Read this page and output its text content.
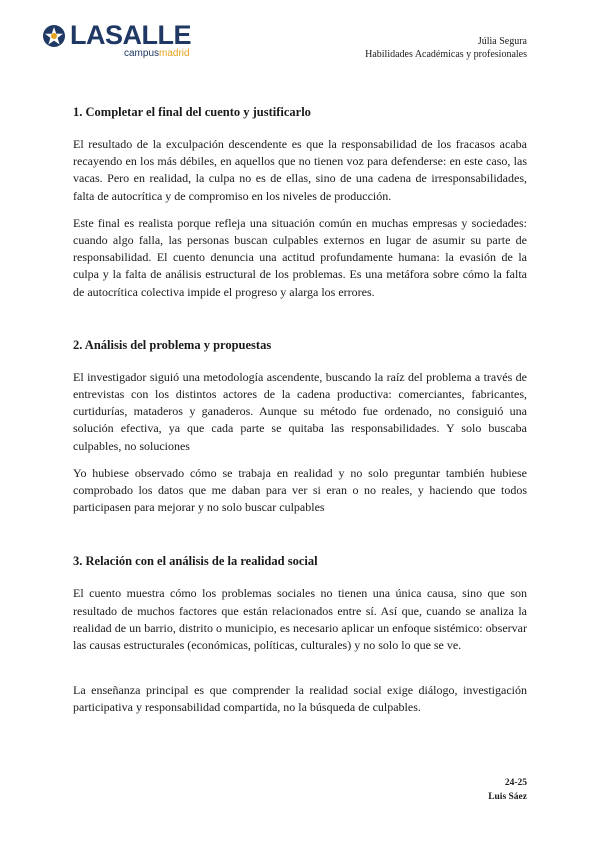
LASALLE
campusmadrid
Júlia Segura
Habilidades Académicas y profesionales
1. Completar el final del cuento y justificarlo

El resultado de la exculpación descendente es que la responsabilidad de los fracasos acaba recayendo en los más débiles, en aquellos que no tienen voz para defenderse: en este caso, las vacas. Pero en realidad, la culpa no es de ellas, sino de una cadena de irresponsabilidades, falta de autocrítica y de compromiso en los niveles de producción.

Este final es realista porque refleja una situación común en muchas empresas y sociedades: cuando algo falla, las personas buscan culpables externos en lugar de asumir su parte de responsabilidad. El cuento denuncia una actitud profundamente humana: la evasión de la culpa y la falta de análisis estructural de los problemas. Es una metáfora sobre cómo la falta de autocrítica colectiva impide el progreso y alarga los errores.

2. Análisis del problema y propuestas

El investigador siguió una metodología ascendente, buscando la raíz del problema a través de entrevistas con los distintos actores de la cadena productiva: comerciantes, fabricantes, curtidurías, mataderos y ganaderos. Aunque su método fue ordenado, no consiguió una solución efectiva, ya que cada parte se quitaba las responsabilidades. Y solo buscaba culpables, no soluciones

Yo hubiese observado cómo se trabaja en realidad y no solo preguntar también hubiese comprobado los datos que me daban para ver si eran o no reales, y haciendo que todos participasen para mejorar y no solo buscar culpables

3. Relación con el análisis de la realidad social

El cuento muestra cómo los problemas sociales no tienen una única causa, sino que son resultado de muchos factores que están relacionados entre sí. Así que, cuando se analiza la realidad de un barrio, distrito o municipio, es necesario aplicar un enfoque sistémico: observar las causas estructurales (económicas, políticas, culturales) y no solo lo que se ve.

La enseñanza principal es que comprender la realidad social exige diálogo, investigación participativa y responsabilidad compartida, no la búsqueda de culpables.

24-25
Luis Sáez
